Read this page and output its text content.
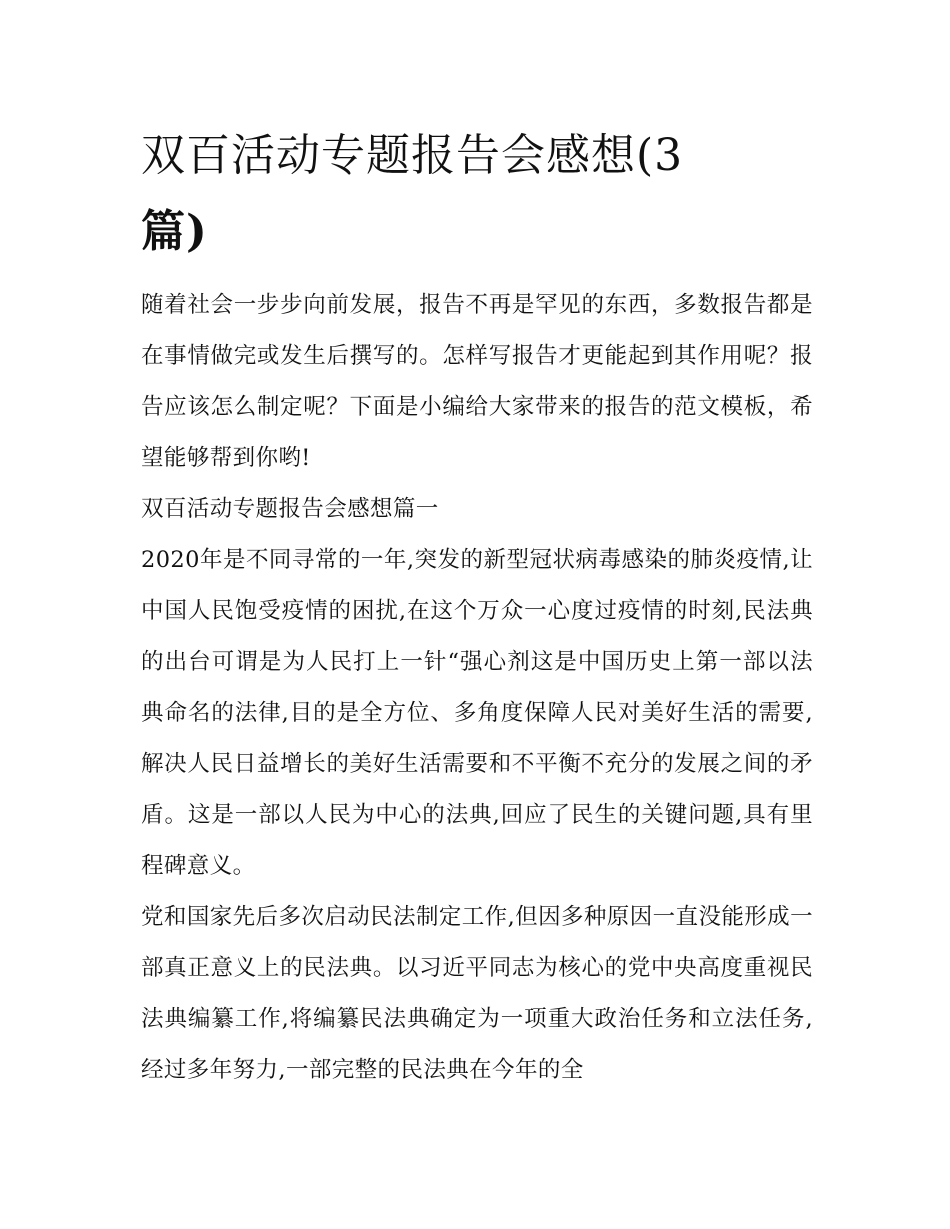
双百活动专题报告会感想(3
篇)

随着社会一步步向前发展，报告不再是罕见的东西，多数报告都是在事情做完或发生后撰写的。怎样写报告才更能起到其作用呢？报告应该怎么制定呢？下面是小编给大家带来的报告的范文模板，希望能够帮到你哟!

双百活动专题报告会感想篇一

2020年是不同寻常的一年,突发的新型冠状病毒感染的肺炎疫情,让中国人民饱受疫情的困扰,在这个万众一心度过疫情的时刻,民法典的出台可谓是为人民打上一针“强心剂这是中国历史上第一部以法典命名的法律,目的是全方位、多角度保障人民对美好生活的需要,解决人民日益增长的美好生活需要和不平衡不充分的发展之间的矛盾。这是一部以人民为中心的法典,回应了民生的关键问题,具有里程碑意义。

党和国家先后多次启动民法制定工作,但因多种原因一直没能形成一部真正意义上的民法典。以习近平同志为核心的党中央高度重视民法典编纂工作,将编纂民法典确定为一项重大政治任务和立法任务,经过多年努力,一部完整的民法典在今年的全
